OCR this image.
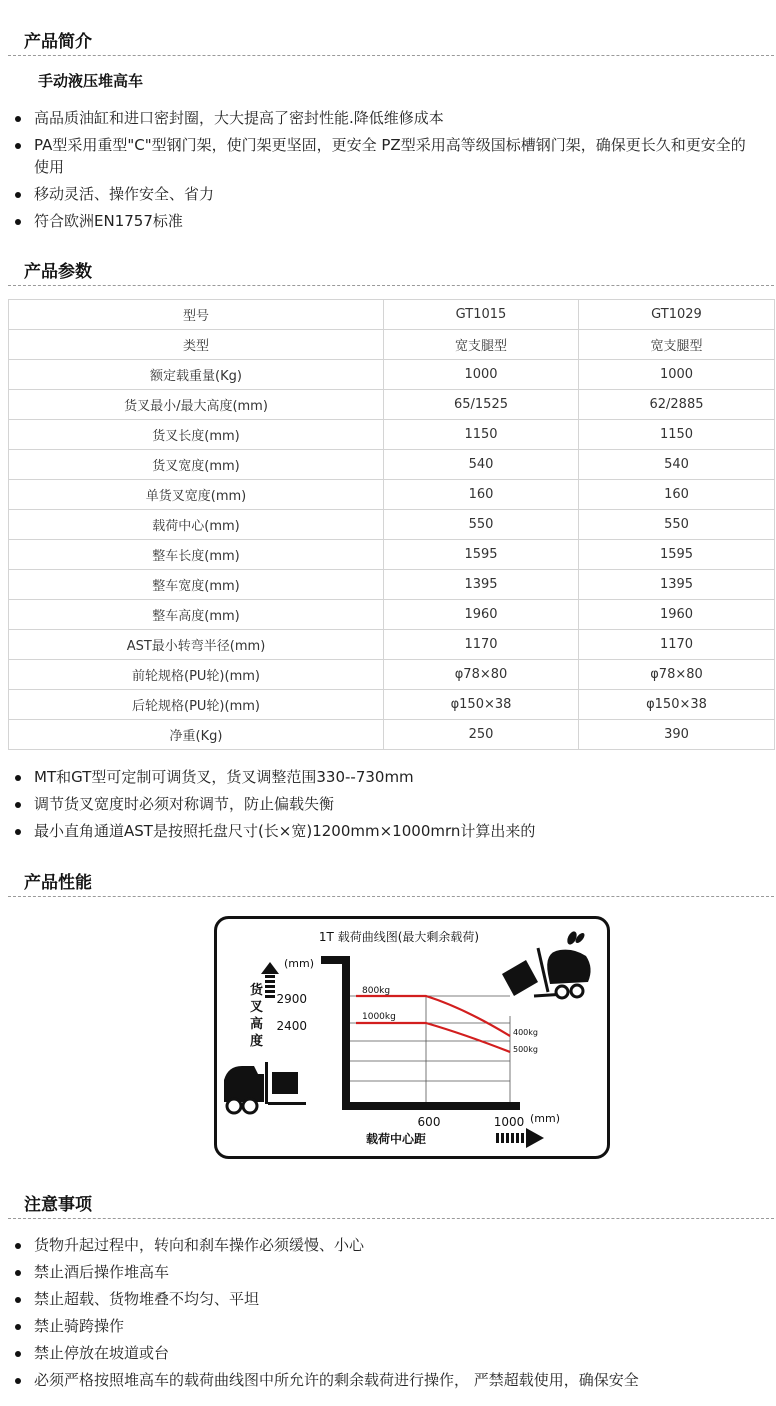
产品简介
手动液压堆高车
高品质油缸和进口密封圈，大大提高了密封性能.降低维修成本
PA型采用重型"C"型钢门架，使门架更坚固，更安全 PZ型采用高等级国标槽钢门架，确保更长久和更安全的使用
移动灵活、操作安全、省力
符合欧洲EN1757标准
产品参数
型号	GT1015	GT1029
类型	宽支腿型	宽支腿型
额定载重量(Kg)	1000	1000
货叉最小/最大高度(mm)	65/1525	62/2885
货叉长度(mm)	1150	1150
货叉宽度(mm)	540	540
单货叉宽度(mm)	160	160
载荷中心(mm)	550	550
整车长度(mm)	1595	1595
整车宽度(mm)	1395	1395
整车高度(mm)	1960	1960
AST最小转弯半径(mm)	1170	1170
前轮规格(PU轮)(mm)	φ78×80	φ78×80
后轮规格(PU轮)(mm)	φ150×38	φ150×38
净重(Kg)	250	390
MT和GT型可定制可调货叉，货叉调整范围330--730mm
调节货叉宽度时必须对称调节，防止偏载失衡
最小直角通道AST是按照托盘尺寸(长×宽)1200mm×1000mrn计算出来的
产品性能
1T 载荷曲线图(最大剩余载荷)
货
叉
高
度
(mm)
2900
2400
800kg
1000kg
400kg
500kg
600	1000 (mm)
载荷中心距
注意事项
货物升起过程中，转向和刹车操作必须缓慢、小心
禁止酒后操作堆高车
禁止超载、货物堆叠不均匀、平坦
禁止骑跨操作
禁止停放在坡道或台
必须严格按照堆高车的载荷曲线图中所允许的剩余载荷进行操作， 严禁超载使用，确保安全
